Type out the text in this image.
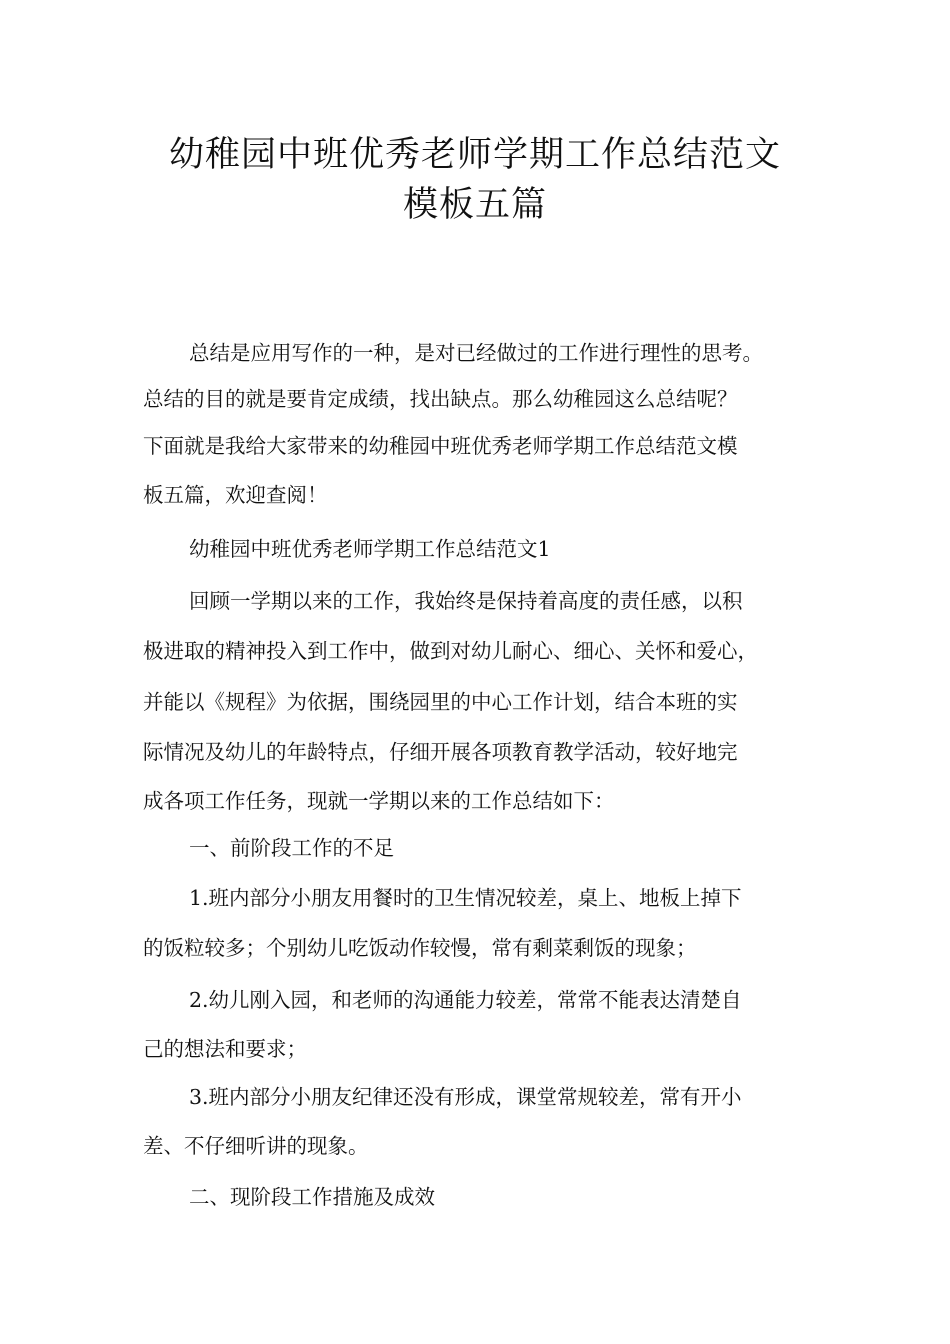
幼稚园中班优秀老师学期工作总结范文
模板五篇
总结是应用写作的一种，是对已经做过的工作进行理性的思考。
总结的目的就是要肯定成绩，找出缺点。那么幼稚园这么总结呢？
下面就是我给大家带来的幼稚园中班优秀老师学期工作总结范文模
板五篇，欢迎查阅！
幼稚园中班优秀老师学期工作总结范文1
回顾一学期以来的工作，我始终是保持着高度的责任感，以积
极进取的精神投入到工作中，做到对幼儿耐心、细心、关怀和爱心，
并能以《规程》为依据，围绕园里的中心工作计划，结合本班的实
际情况及幼儿的年龄特点，仔细开展各项教育教学活动，较好地完
成各项工作任务，现就一学期以来的工作总结如下：
一、前阶段工作的不足
1.班内部分小朋友用餐时的卫生情况较差，桌上、地板上掉下
的饭粒较多；个别幼儿吃饭动作较慢，常有剩菜剩饭的现象；
2.幼儿刚入园，和老师的沟通能力较差，常常不能表达清楚自
己的想法和要求；
3.班内部分小朋友纪律还没有形成，课堂常规较差，常有开小
差、不仔细听讲的现象。
二、现阶段工作措施及成效
